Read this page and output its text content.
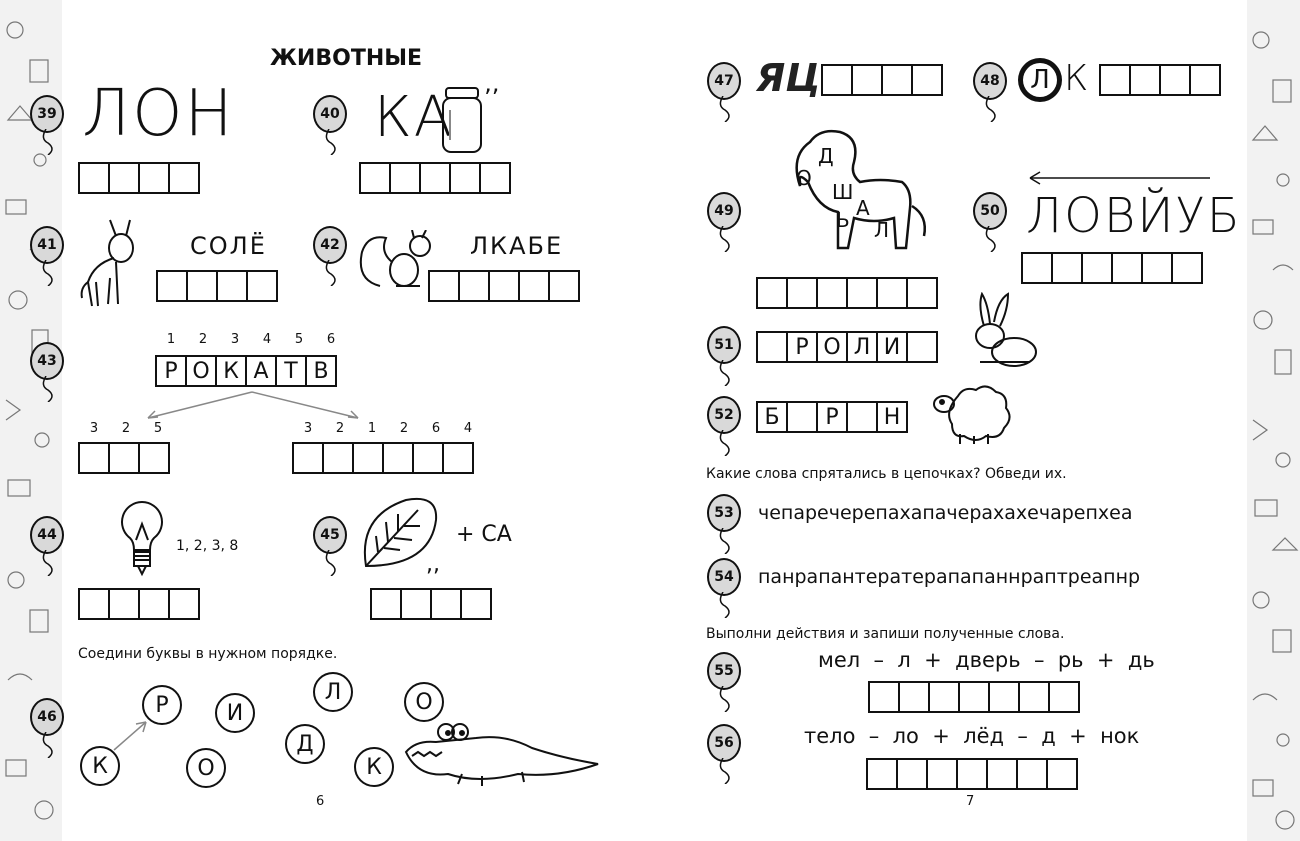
ЖИВОТНЫЕ
39 ЛОН	40 КА ’’
41	СОЛЁ	42	ЛКАБЕ
43
1	2	3	4	5	6
Р О К А Т В
3	2	5	3	2	1	2	6	4
44
1, 2, 3, 8
45
,,
+ СА
Соедини буквы в нужном порядке.
46
К
Р
О
И
Л
Д
К
О
6
47 ЯЦ	48 Л К
49
Д
О
Ш
А
Ь Л
50 ЛОВЙУБ
51	Р О Л И
52	Б	Р	Н
Какие слова спрятались в цепочках? Обведи их.
53	чепаречерепахапачерахахечарепхеа
54	панрапантератерапапаннраптреапнр
Выполни действия и запиши полученные слова.
55	мел  –  л  +  дверь  –  рь  +  дь
56	тело  –  ло  +  лёд  –  д  +  нок
7
